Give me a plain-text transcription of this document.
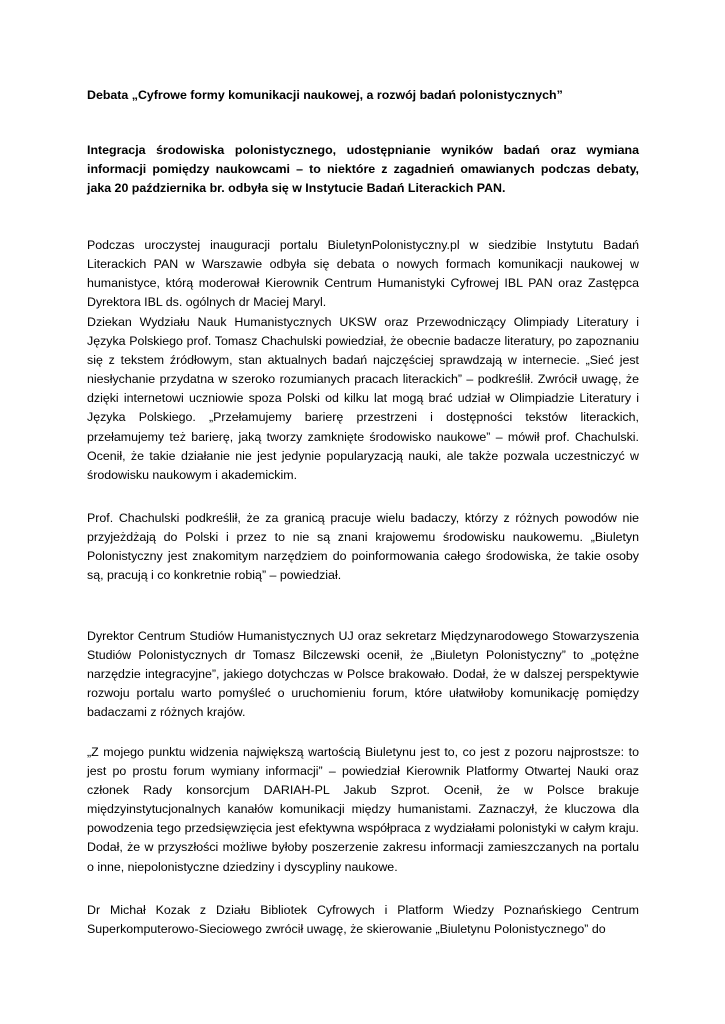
Debata „Cyfrowe formy komunikacji naukowej, a rozwój badań polonistycznych”

Integracja środowiska polonistycznego, udostępnianie wyników badań oraz wymiana informacji pomiędzy naukowcami – to niektóre z zagadnień omawianych podczas debaty, jaka 20 października br. odbyła się w Instytucie Badań Literackich PAN.

Podczas uroczystej inauguracji portalu BiuletynPolonistyczny.pl w siedzibie Instytutu Badań Literackich PAN w Warszawie odbyła się debata o nowych formach komunikacji naukowej w humanistyce, którą moderował Kierownik Centrum Humanistyki Cyfrowej IBL PAN oraz Zastępca Dyrektora IBL ds. ogólnych dr Maciej Maryl.

Dziekan Wydziału Nauk Humanistycznych UKSW oraz Przewodniczący Olimpiady Literatury i Języka Polskiego prof. Tomasz Chachulski powiedział, że obecnie badacze literatury, po zapoznaniu się z tekstem źródłowym, stan aktualnych badań najczęściej sprawdzają w internecie. „Sieć jest niesłychanie przydatna w szeroko rozumianych pracach literackich” – podkreślił. Zwrócił uwagę, że dzięki internetowi uczniowie spoza Polski od kilku lat mogą brać udział w Olimpiadzie Literatury i Języka Polskiego. „Przełamujemy barierę przestrzeni i dostępności tekstów literackich, przełamujemy też barierę, jaką tworzy zamknięte środowisko naukowe” – mówił prof. Chachulski. Ocenił, że takie działanie nie jest jedynie popularyzacją nauki, ale także pozwala uczestniczyć w środowisku naukowym i akademickim.

Prof. Chachulski podkreślił, że za granicą pracuje wielu badaczy, którzy z różnych powodów nie przyjeżdżają do Polski i przez to nie są znani krajowemu środowisku naukowemu. „Biuletyn Polonistyczny jest znakomitym narzędziem do poinformowania całego środowiska, że takie osoby są, pracują i co konkretnie robią” – powiedział.

Dyrektor Centrum Studiów Humanistycznych UJ oraz sekretarz Międzynarodowego Stowarzyszenia Studiów Polonistycznych dr Tomasz Bilczewski ocenił, że „Biuletyn Polonistyczny” to „potężne narzędzie integracyjne”, jakiego dotychczas w Polsce brakowało. Dodał, że w dalszej perspektywie rozwoju portalu warto pomyśleć o uruchomieniu forum, które ułatwiłoby komunikację pomiędzy badaczami z różnych krajów.

„Z mojego punktu widzenia największą wartością Biuletynu jest to, co jest z pozoru najprostsze: to jest po prostu forum wymiany informacji” – powiedział Kierownik Platformy Otwartej Nauki oraz członek Rady konsorcjum DARIAH-PL Jakub Szprot. Ocenił, że w Polsce brakuje międzyinstytucjonalnych kanałów komunikacji między humanistami. Zaznaczył, że kluczowa dla powodzenia tego przedsięwzięcia jest efektywna współpraca z wydziałami polonistyki w całym kraju. Dodał, że w przyszłości możliwe byłoby poszerzenie zakresu informacji zamieszczanych na portalu o inne, niepolonistyczne dziedziny i dyscypliny naukowe.

Dr Michał Kozak z Działu Bibliotek Cyfrowych i Platform Wiedzy Poznańskiego Centrum Superkomputerowo-Sieciowego zwrócił uwagę, że skierowanie „Biuletynu Polonistycznego” do
